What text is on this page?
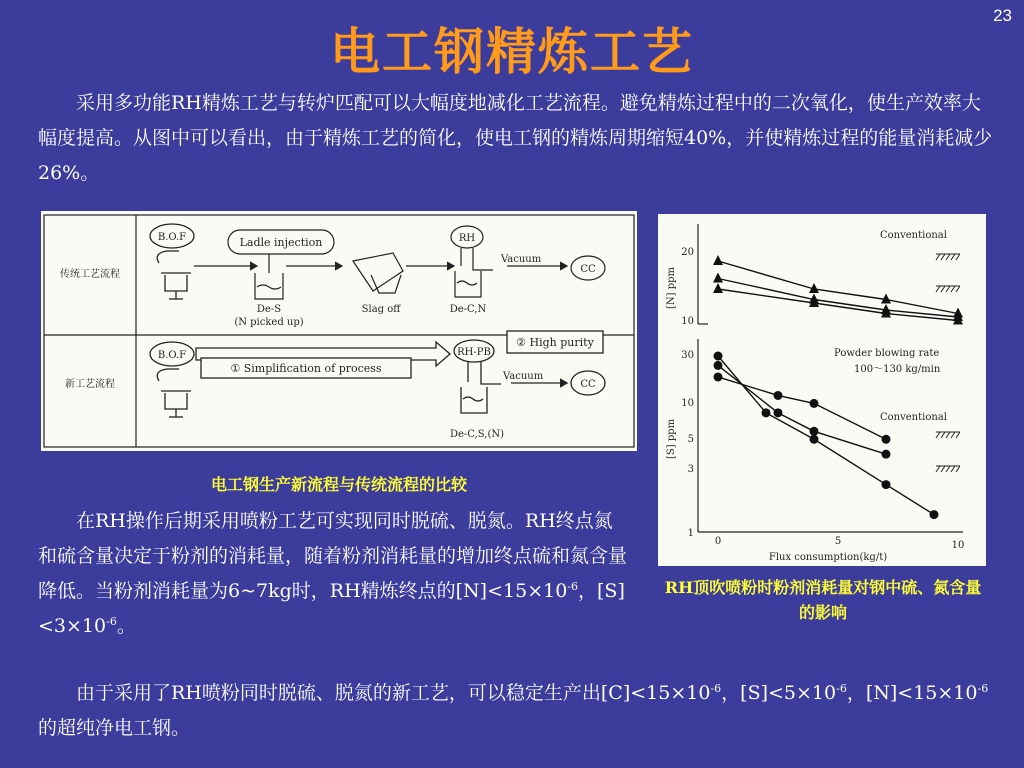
23
电工钢精炼工艺

采用多功能RH精炼工艺与转炉匹配可以大幅度地减化工艺流程。避免精炼过程中的二次氧化，使生产效率大幅度提高。从图中可以看出，由于精炼工艺的简化，使电工钢的精炼周期缩短40%，并使精炼过程的能量消耗减少26%。

传统工艺流程
新工艺流程
B.O.F	Ladle injection
De-S
(N picked up)
Slag off
RH
Vacuum
De-C,N
CC
B.O.F
① Simplification of process
② High purity
RH-PB
Vacuum
De-C,S,(N)
CC
电工钢生产新流程与传统流程的比较

在RH操作后期采用喷粉工艺可实现同时脱硫、脱氮。RH终点氮和硫含量决定于粉剂的消耗量，随着粉剂消耗量的增加终点硫和氮含量降低。当粉剂消耗量为6~7kg时，RH精炼终点的$[N]<15\times 10^{-6}$，$[S]<3\times 10^{-6}$。

[N] ppm
[S] ppm
20
10
30
10
5
3
1
0	5	10
Flux consumption(kg/t)
Conventional
Powder blowing rate
100～130 kg/min
Conventional
RH顶吹喷粉时粉剂消耗量对钢中硫、氮含量的影响

由于采用了RH喷粉同时脱硫、脱氮的新工艺，可以稳定生产出$[C]<15\times 10^{-6}$，$[S]<5\times 10^{-6}$，$[N]<15\times 10^{-6}$的超纯净电工钢。
